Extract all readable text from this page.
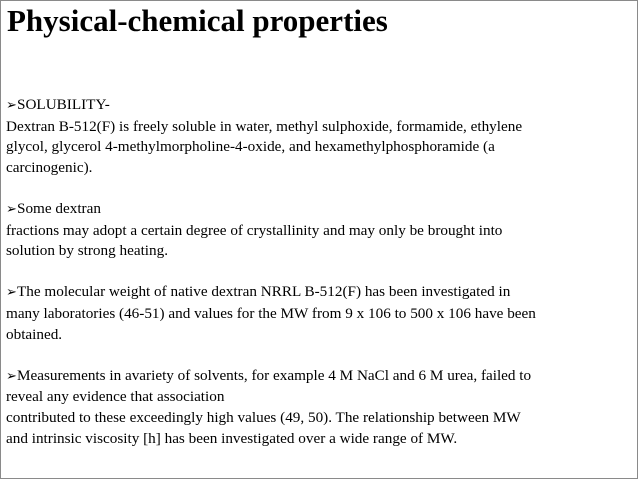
Physical-chemical properties
➢SOLUBILITY-
Dextran B-512(F) is freely soluble in water, methyl sulphoxide, formamide, ethylene
glycol, glycerol 4-methylmorpholine-4-oxide, and hexamethylphosphoramide (a
carcinogenic).
➢Some dextran
fractions may adopt a certain degree of crystallinity and may only be brought into
solution by strong heating.
➢The molecular weight of native dextran NRRL B-512(F) has been investigated in
many laboratories (46-51) and values for the MW from 9 x 106 to 500 x 106 have been
obtained.
➢Measurements in avariety of solvents, for example 4 M NaCl and 6 M urea, failed to
reveal any evidence that association
contributed to these exceedingly high values (49, 50). The relationship between MW
and intrinsic viscosity [h] has been investigated over a wide range of MW.
